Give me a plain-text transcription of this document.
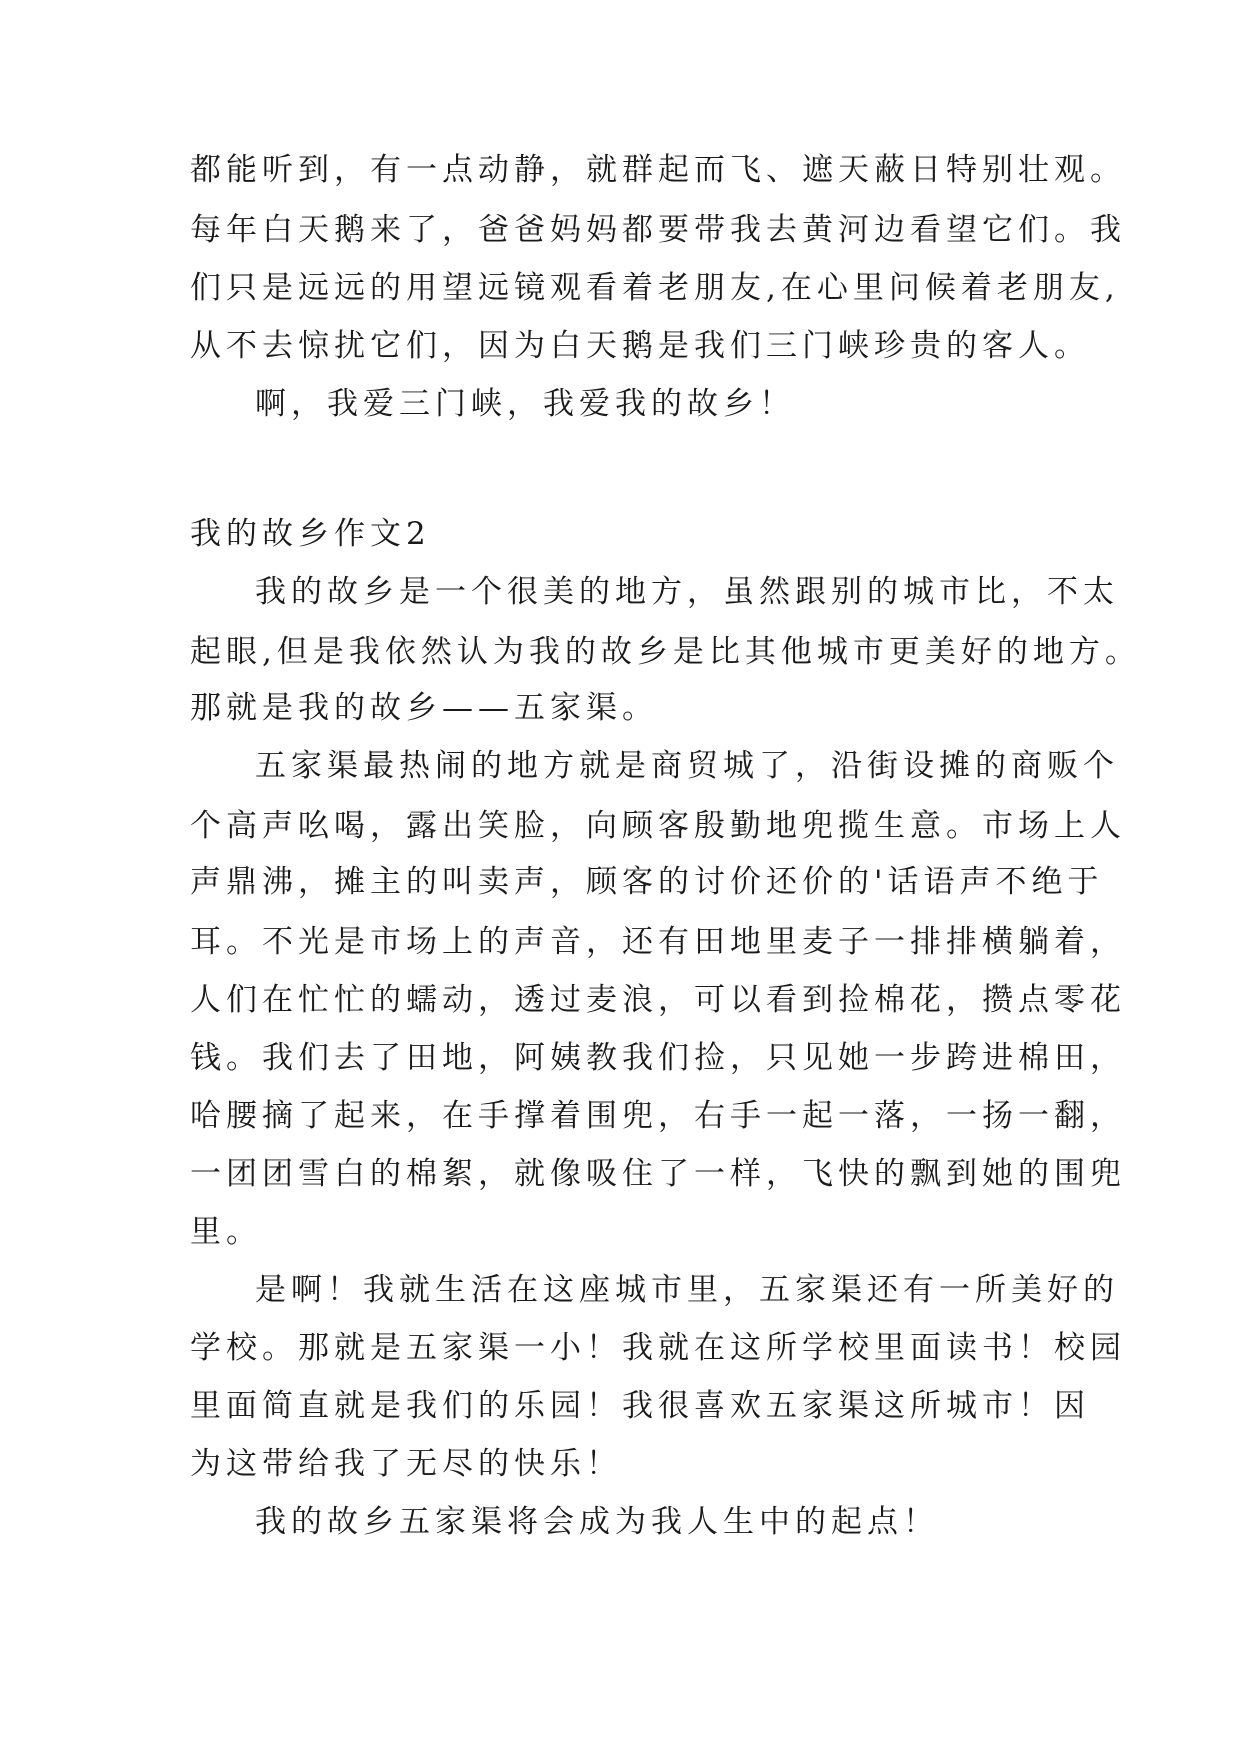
都能听到，有一点动静，就群起而飞、遮天蔽日特别壮观。
每年白天鹅来了，爸爸妈妈都要带我去黄河边看望它们。我
们只是远远的用望远镜观看着老朋友,在心里问候着老朋友,
从不去惊扰它们，因为白天鹅是我们三门峡珍贵的客人。
啊，我爱三门峡，我爱我的故乡！
我的故乡作文2
我的故乡是一个很美的地方，虽然跟别的城市比，不太
起眼,但是我依然认为我的故乡是比其他城市更美好的地方。
那就是我的故乡——五家渠。
五家渠最热闹的地方就是商贸城了，沿街设摊的商贩个
个高声吆喝，露出笑脸，向顾客殷勤地兜揽生意。市场上人
声鼎沸，摊主的叫卖声，顾客的讨价还价的'话语声不绝于
耳。不光是市场上的声音，还有田地里麦子一排排横躺着，
人们在忙忙的蠕动，透过麦浪，可以看到捡棉花，攒点零花
钱。我们去了田地，阿姨教我们捡，只见她一步跨进棉田，
哈腰摘了起来，在手撑着围兜，右手一起一落，一扬一翻，
一团团雪白的棉絮，就像吸住了一样，飞快的飘到她的围兜
里。
是啊！我就生活在这座城市里，五家渠还有一所美好的
学校。那就是五家渠一小！我就在这所学校里面读书！校园
里面简直就是我们的乐园！我很喜欢五家渠这所城市！因
为这带给我了无尽的快乐！
我的故乡五家渠将会成为我人生中的起点！
